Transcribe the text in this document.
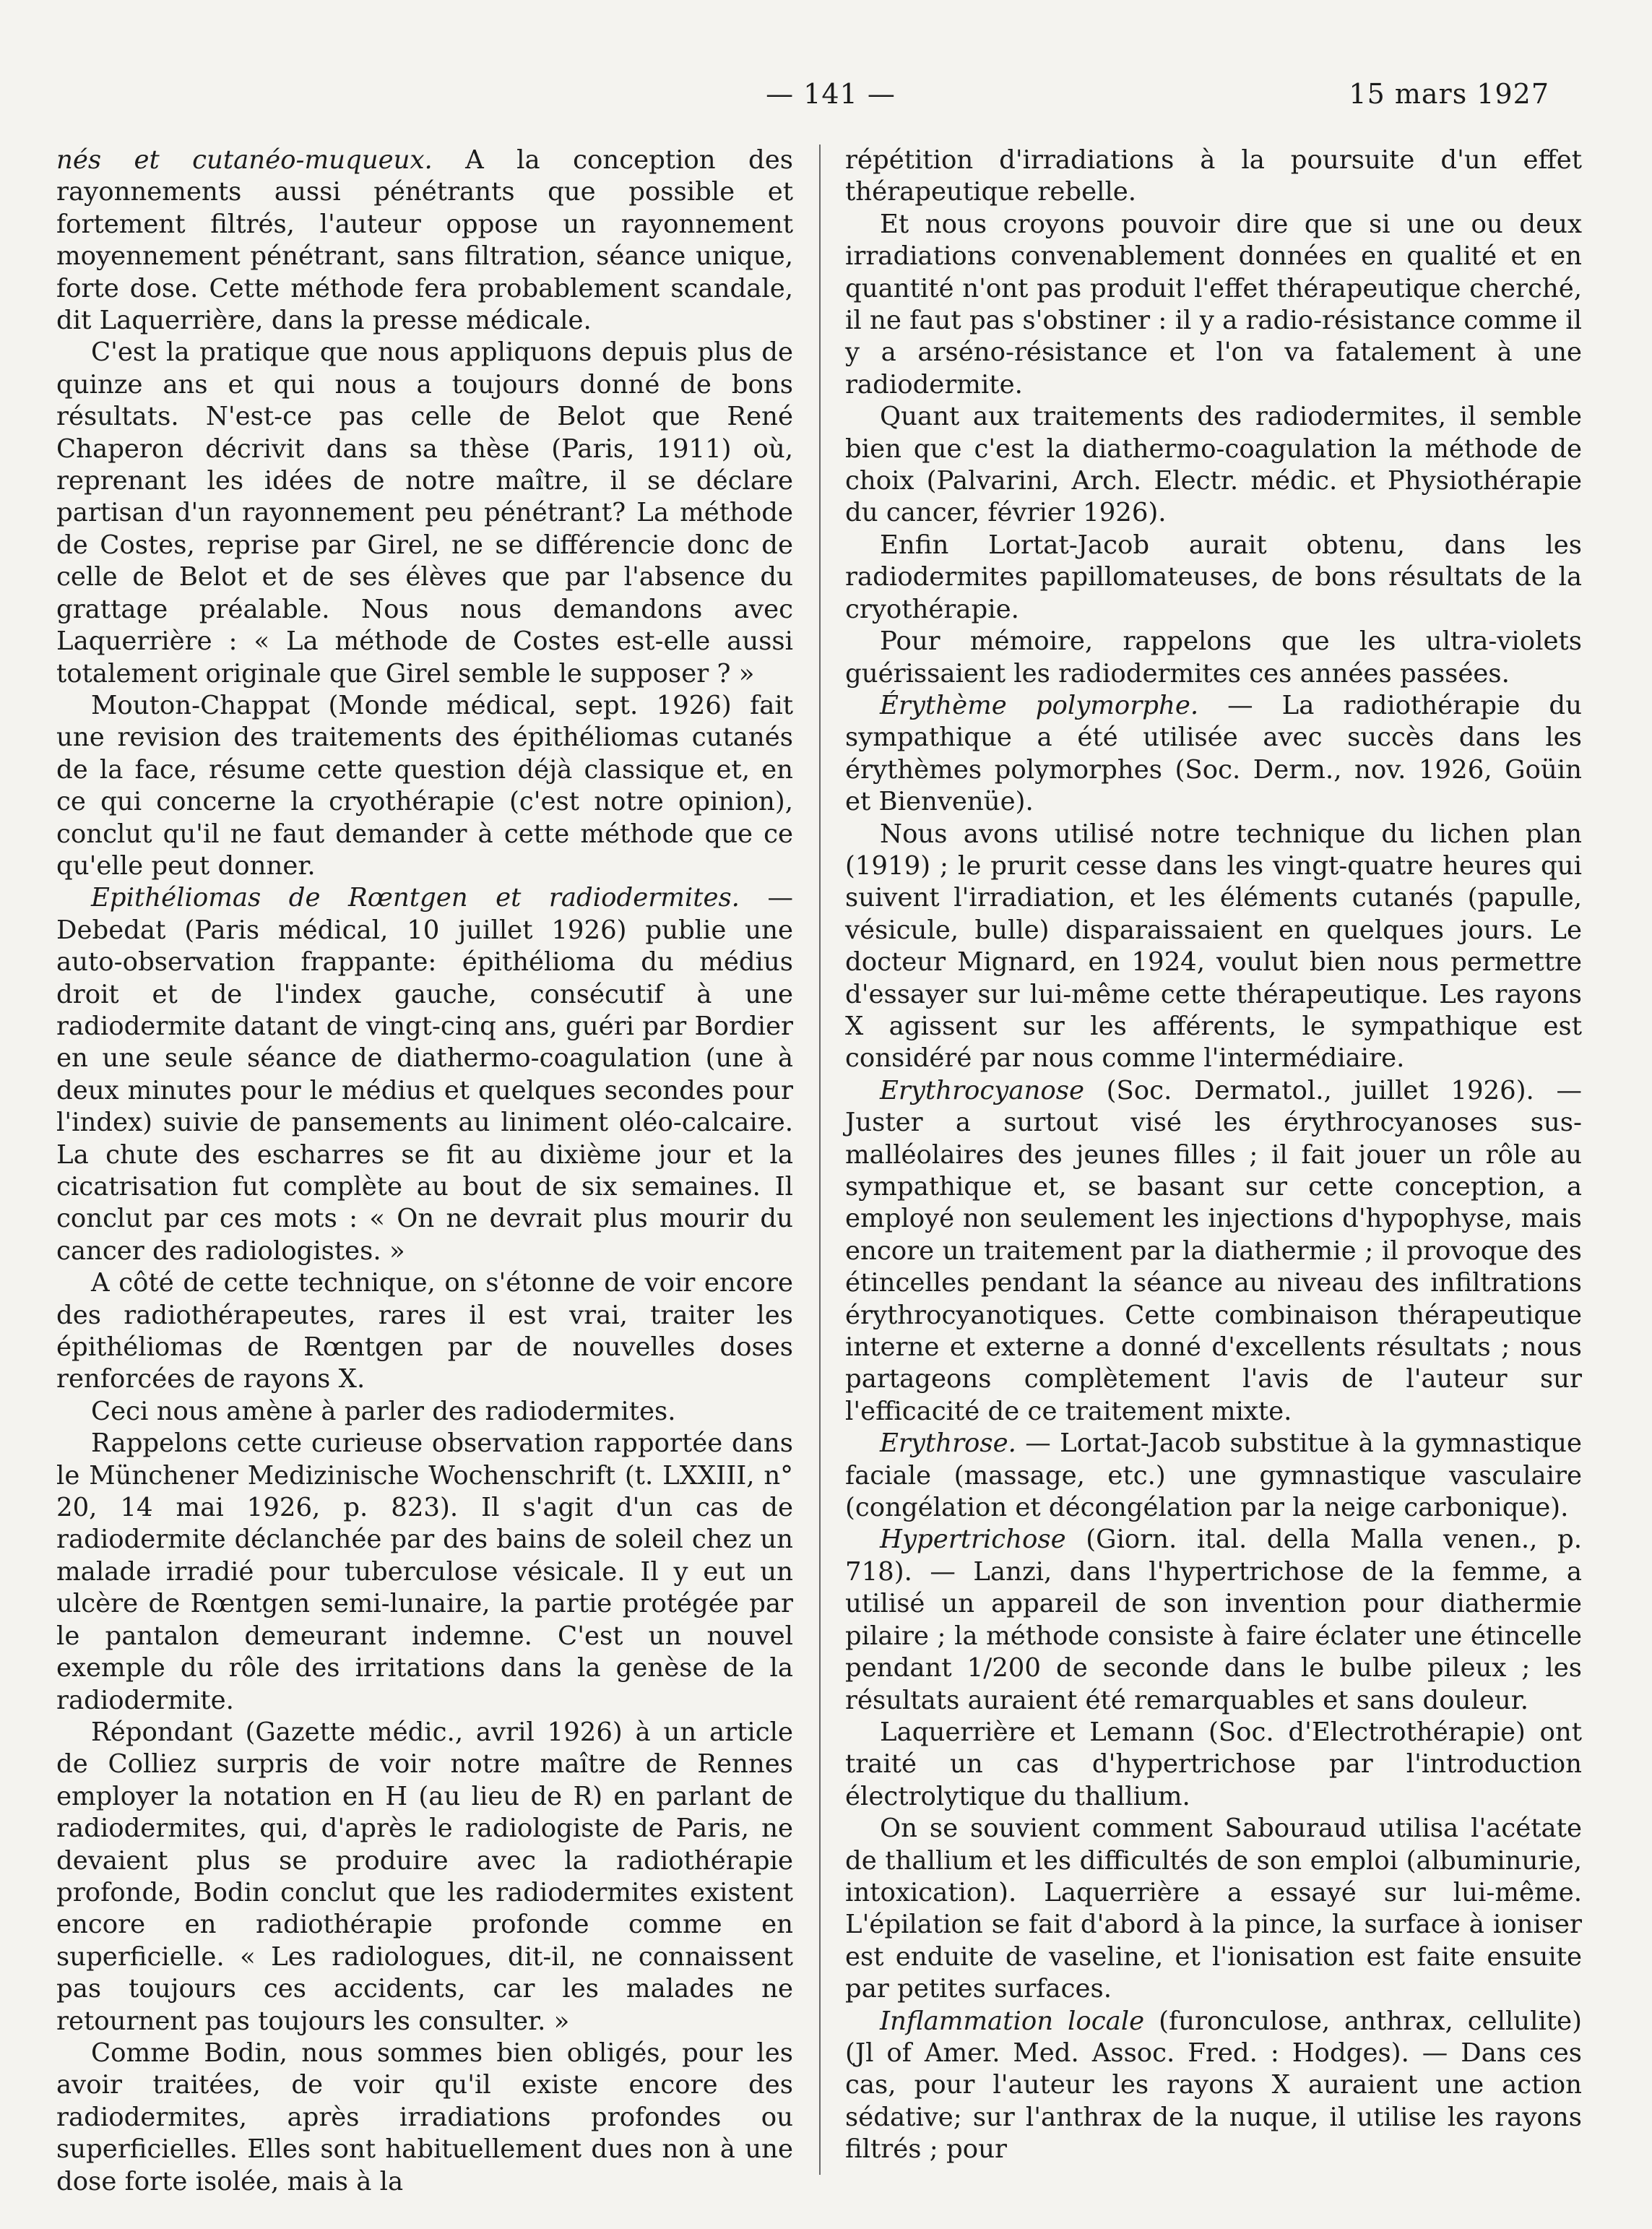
— 141 —	15 mars 1927

nés et cutanéo-muqueux. A la conception des rayonnements aussi pénétrants que possible et fortement filtrés, l'auteur oppose un rayonnement moyennement pénétrant, sans filtration, séance unique, forte dose. Cette méthode fera probablement scandale, dit Laquerrière, dans la presse médicale.

C'est la pratique que nous appliquons depuis plus de quinze ans et qui nous a toujours donné de bons résultats. N'est-ce pas celle de Belot que René Chaperon décrivit dans sa thèse (Paris, 1911) où, reprenant les idées de notre maître, il se déclare partisan d'un rayonnement peu pénétrant? La méthode de Costes, reprise par Girel, ne se différencie donc de celle de Belot et de ses élèves que par l'absence du grattage préalable. Nous nous demandons avec Laquerrière : « La méthode de Costes est-elle aussi totalement originale que Girel semble le supposer ? »

Mouton-Chappat (Monde médical, sept. 1926) fait une revision des traitements des épithéliomas cutanés de la face, résume cette question déjà classique et, en ce qui concerne la cryothérapie (c'est notre opinion), conclut qu'il ne faut demander à cette méthode que ce qu'elle peut donner.

Epithéliomas de Rœntgen et radiodermites. — Debedat (Paris médical, 10 juillet 1926) publie une auto-observation frappante: épithélioma du médius droit et de l'index gauche, consécutif à une radiodermite datant de vingt-cinq ans, guéri par Bordier en une seule séance de diathermo-coagulation (une à deux minutes pour le médius et quelques secondes pour l'index) suivie de pansements au liniment oléo-calcaire. La chute des escharres se fit au dixième jour et la cicatrisation fut complète au bout de six semaines. Il conclut par ces mots : « On ne devrait plus mourir du cancer des radiologistes. »

A côté de cette technique, on s'étonne de voir encore des radiothérapeutes, rares il est vrai, traiter les épithéliomas de Rœntgen par de nouvelles doses renforcées de rayons X.

Ceci nous amène à parler des radiodermites.

Rappelons cette curieuse observation rapportée dans le Münchener Medizinische Wochenschrift (t. LXXIII, n° 20, 14 mai 1926, p. 823). Il s'agit d'un cas de radiodermite déclanchée par des bains de soleil chez un malade irradié pour tuberculose vésicale. Il y eut un ulcère de Rœntgen semi-lunaire, la partie protégée par le pantalon demeurant indemne. C'est un nouvel exemple du rôle des irritations dans la genèse de la radiodermite.

Répondant (Gazette médic., avril 1926) à un article de Colliez surpris de voir notre maître de Rennes employer la notation en H (au lieu de R) en parlant de radiodermites, qui, d'après le radiologiste de Paris, ne devaient plus se produire avec la radiothérapie profonde, Bodin conclut que les radiodermites existent encore en radiothérapie profonde comme en superficielle. « Les radiologues, dit-il, ne connaissent pas toujours ces accidents, car les malades ne retournent pas toujours les consulter. »

Comme Bodin, nous sommes bien obligés, pour les avoir traitées, de voir qu'il existe encore des radiodermites, après irradiations profondes ou superficielles. Elles sont habituellement dues non à une dose forte isolée, mais à la

répétition d'irradiations à la poursuite d'un effet thérapeutique rebelle.

Et nous croyons pouvoir dire que si une ou deux irradiations convenablement données en qualité et en quantité n'ont pas produit l'effet thérapeutique cherché, il ne faut pas s'obstiner : il y a radio-résistance comme il y a arséno-résistance et l'on va fatalement à une radiodermite.

Quant aux traitements des radiodermites, il semble bien que c'est la diathermo-coagulation la méthode de choix (Palvarini, Arch. Electr. médic. et Physiothérapie du cancer, février 1926).

Enfin Lortat-Jacob aurait obtenu, dans les radiodermites papillomateuses, de bons résultats de la cryothérapie.

Pour mémoire, rappelons que les ultra-violets guérissaient les radiodermites ces années passées.

Érythème polymorphe. — La radiothérapie du sympathique a été utilisée avec succès dans les érythèmes polymorphes (Soc. Derm., nov. 1926, Goüin et Bienvenüe).

Nous avons utilisé notre technique du lichen plan (1919) ; le prurit cesse dans les vingt-quatre heures qui suivent l'irradiation, et les éléments cutanés (papulle, vésicule, bulle) disparaissaient en quelques jours. Le docteur Mignard, en 1924, voulut bien nous permettre d'essayer sur lui-même cette thérapeutique. Les rayons X agissent sur les afférents, le sympathique est considéré par nous comme l'intermédiaire.

Erythrocyanose (Soc. Dermatol., juillet 1926). — Juster a surtout visé les érythrocyanoses sus-malléolaires des jeunes filles ; il fait jouer un rôle au sympathique et, se basant sur cette conception, a employé non seulement les injections d'hypophyse, mais encore un traitement par la diathermie ; il provoque des étincelles pendant la séance au niveau des infiltrations érythrocyanotiques. Cette combinaison thérapeutique interne et externe a donné d'excellents résultats ; nous partageons complètement l'avis de l'auteur sur l'efficacité de ce traitement mixte.

Erythrose. — Lortat-Jacob substitue à la gymnastique faciale (massage, etc.) une gymnastique vasculaire (congélation et décongélation par la neige carbonique).

Hypertrichose (Giorn. ital. della Malla venen., p. 718). — Lanzi, dans l'hypertrichose de la femme, a utilisé un appareil de son invention pour diathermie pilaire ; la méthode consiste à faire éclater une étincelle pendant 1/200 de seconde dans le bulbe pileux ; les résultats auraient été remarquables et sans douleur.

Laquerrière et Lemann (Soc. d'Electrothérapie) ont traité un cas d'hypertrichose par l'introduction électrolytique du thallium.

On se souvient comment Sabouraud utilisa l'acétate de thallium et les difficultés de son emploi (albuminurie, intoxication). Laquerrière a essayé sur lui-même. L'épilation se fait d'abord à la pince, la surface à ioniser est enduite de vaseline, et l'ionisation est faite ensuite par petites surfaces.

Inflammation locale (furonculose, anthrax, cellulite) (Jl of Amer. Med. Assoc. Fred. : Hodges). — Dans ces cas, pour l'auteur les rayons X auraient une action sédative; sur l'anthrax de la nuque, il utilise les rayons filtrés ; pour
